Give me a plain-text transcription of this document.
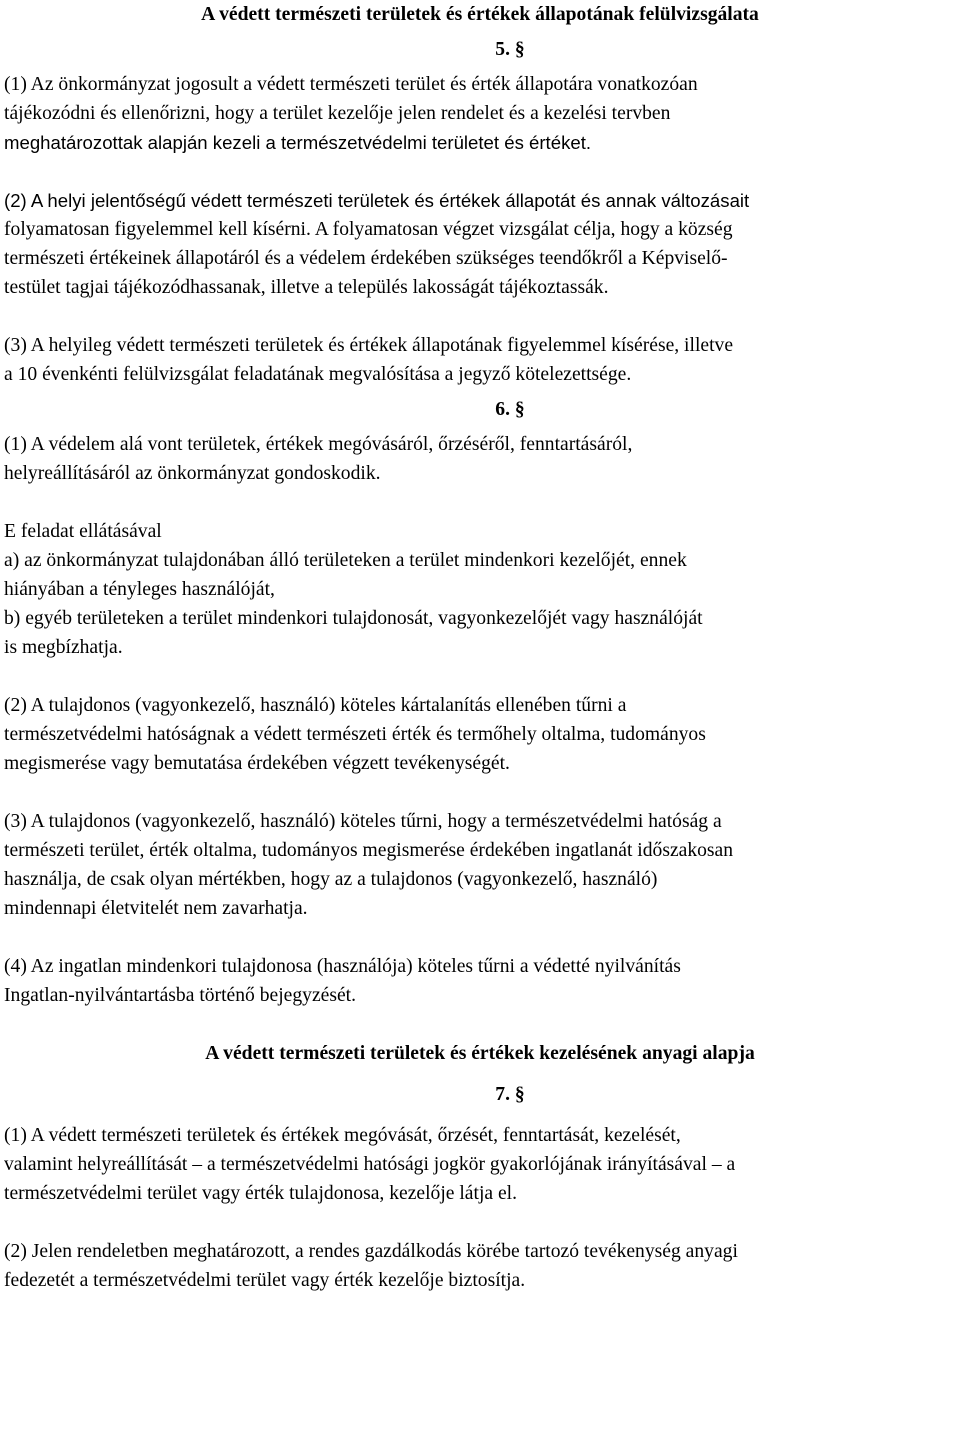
A védett természeti területek és értékek állapotának felülvizsgálata
5. §

(1) Az önkormányzat jogosult a védett természeti terület és érték állapotára vonatkozóan
tájékozódni és ellenőrizni, hogy a terület kezelője jelen rendelet és a kezelési tervben
meghatározottak alapján kezeli a természetvédelmi területet és értéket.

(2) A helyi jelentőségű védett természeti területek és értékek állapotát és annak változásait
folyamatosan figyelemmel kell kísérni. A folyamatosan végzet vizsgálat célja, hogy a község
természeti értékeinek állapotáról és a védelem érdekében szükséges teendőkről a Képviselő-
testület tagjai tájékozódhassanak, illetve a település lakosságát tájékoztassák.

(3) A helyileg védett természeti területek és értékek állapotának figyelemmel kísérése, illetve
a 10 évenkénti felülvizsgálat feladatának megvalósítása a jegyző kötelezettsége.

6. §

(1) A védelem alá vont területek, értékek megóvásáról, őrzéséről, fenntartásáról,
helyreállításáról az önkormányzat gondoskodik.

E feladat ellátásával
a) az önkormányzat tulajdonában álló területeken a terület mindenkori kezelőjét, ennek
hiányában a tényleges használóját,
b) egyéb területeken a terület mindenkori tulajdonosát, vagyonkezelőjét vagy használóját
is megbízhatja.

(2) A tulajdonos (vagyonkezelő, használó) köteles kártalanítás ellenében tűrni a
természetvédelmi hatóságnak a védett természeti érték és termőhely oltalma, tudományos
megismerése vagy bemutatása érdekében végzett tevékenységét.

(3) A tulajdonos (vagyonkezelő, használó) köteles tűrni, hogy a természetvédelmi hatóság a
természeti terület, érték oltalma, tudományos megismerése érdekében ingatlanát időszakosan
használja, de csak olyan mértékben, hogy az a tulajdonos (vagyonkezelő, használó)
mindennapi életvitelét nem zavarhatja.

(4) Az ingatlan mindenkori tulajdonosa (használója) köteles tűrni a védetté nyilvánítás
Ingatlan-nyilvántartásba történő bejegyzését.

A védett természeti területek és értékek kezelésének anyagi alapja
7. §

(1) A védett természeti területek és értékek megóvását, őrzését, fenntartását, kezelését,
valamint helyreállítását – a természetvédelmi hatósági jogkör gyakorlójának irányításával – a
természetvédelmi terület vagy érték tulajdonosa, kezelője látja el.

(2) Jelen rendeletben meghatározott, a rendes gazdálkodás körébe tartozó tevékenység anyagi
fedezetét a természetvédelmi terület vagy érték kezelője biztosítja.
